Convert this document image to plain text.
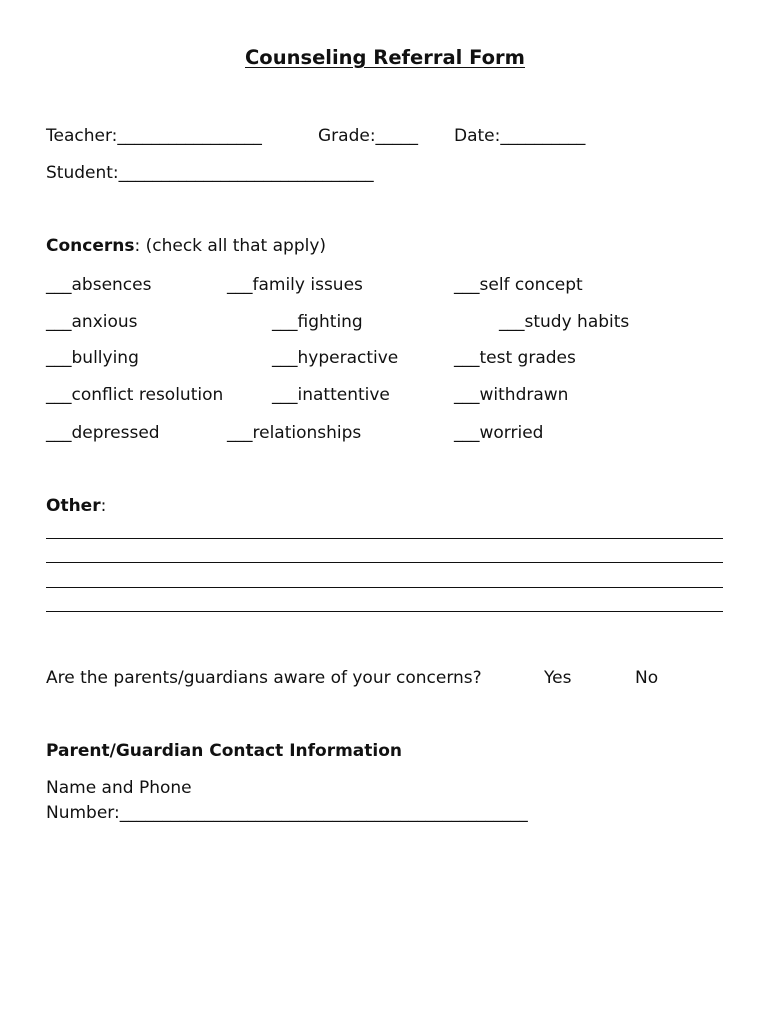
Counseling Referral Form
Teacher:_________________	Grade:_____ Date:__________
Student:______________________________
Concerns: (check all that apply)
___absences	___family issues	___self concept
___anxious	___fighting	___study habits
___bullying	___hyperactive	___test grades
___conflict resolution	___inattentive	___withdrawn
___depressed	___relationships	___worried
Other:
Are the parents/guardians aware of your concerns?	Yes	No
Parent/Guardian Contact Information
Name and Phone
Number:________________________________________________
